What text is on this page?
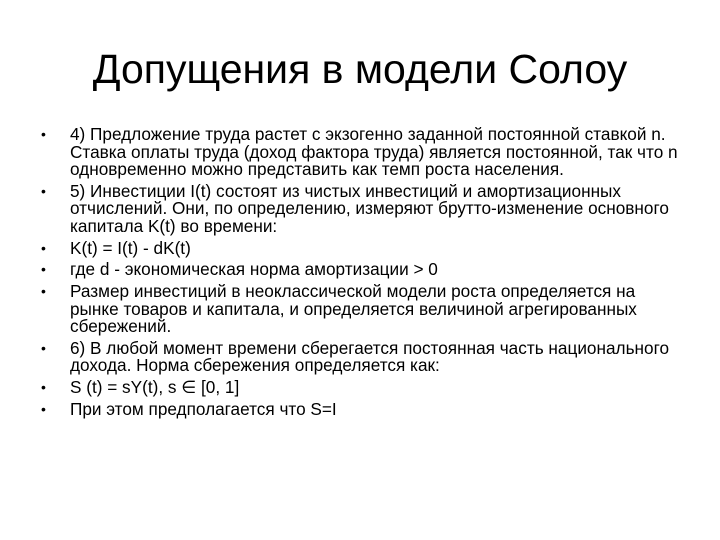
Допущения в модели Солоу
• 4) Предложение труда растет с экзогенно заданной постоянной ставкой n. Ставка оплаты труда (доход фактора труда) является постоянной, так что n одновременно можно представить как темп роста населения.
• 5) Инвестиции I(t) состоят из чистых инвестиций и амортизационных отчислений. Они, по определению, измеряют брутто-изменение основного капитала K(t) во времени:
• K(t) = I(t) - dK(t)
• где d - экономическая норма амортизации > 0
• Размер инвестиций в неоклассической модели роста определяется на рынке товаров и капитала, и определяется величиной агрегированных сбережений.
• 6) В любой момент времени сберегается постоянная часть национального дохода. Норма сбережения определяется как:
• S (t) = sY(t), s ∈ [0, 1]
• При этом предполагается что S=I
